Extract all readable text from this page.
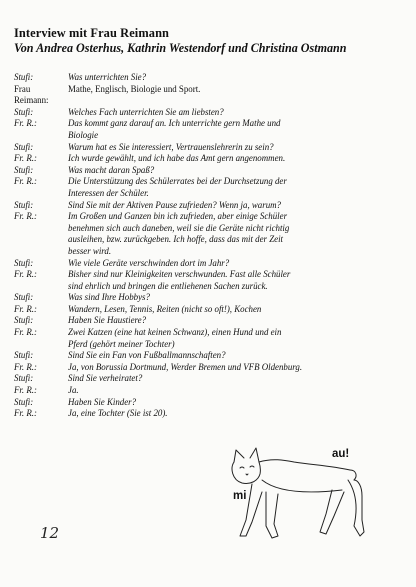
Interview mit Frau Reimann
Von Andrea Osterhus, Kathrin Westendorf und Christina Ostmann
Stufi:	Was unterrichten Sie?
Frau	Mathe, Englisch, Biologie und Sport.
Reimann:
Stufi:	Welches Fach unterrichten Sie am liebsten?
Fr. R.:	Das kommt ganz darauf an. Ich unterrichte gern Mathe und
Biologie
Stufi:	Warum hat es Sie interessiert, Vertrauenslehrerin zu sein?
Fr. R.:	Ich wurde gewählt, und ich habe das Amt gern angenommen.
Stufi:	Was macht daran Spaß?
Fr. R.:	Die Unterstützung des Schülerrates bei der Durchsetzung der
Interessen der Schüler.
Stufi:	Sind Sie mit der Aktiven Pause zufrieden? Wenn ja, warum?
Fr. R.:	Im Großen und Ganzen bin ich zufrieden, aber einige Schüler
benehmen sich auch daneben, weil sie die Geräte nicht richtig
ausleihen, bzw. zurückgeben. Ich hoffe, dass das mit der Zeit
besser wird.
Stufi:	Wie viele Geräte verschwinden dort im Jahr?
Fr. R.:	Bisher sind nur Kleinigkeiten verschwunden. Fast alle Schüler
sind ehrlich und bringen die entliehenen Sachen zurück.
Stufi:	Was sind Ihre Hobbys?
Fr. R.:	Wandern, Lesen, Tennis, Reiten (nicht so oft!), Kochen
Stufi:	Haben Sie Haustiere?
Fr. R.:	Zwei Katzen (eine hat keinen Schwanz), einen Hund und ein
Pferd (gehört meiner Tochter)
Stufi:	Sind Sie ein Fan von Fußballmannschaften?
Fr. R.:	Ja, von Borussia Dortmund, Werder Bremen und VFB Oldenburg.
Stufi:	Sind Sie verheiratet?
Fr. R.:	Ja.
Stufi:	Haben Sie Kinder?
Fr. R.:	Ja, eine Tochter (Sie ist 20).
au!
mi
12
